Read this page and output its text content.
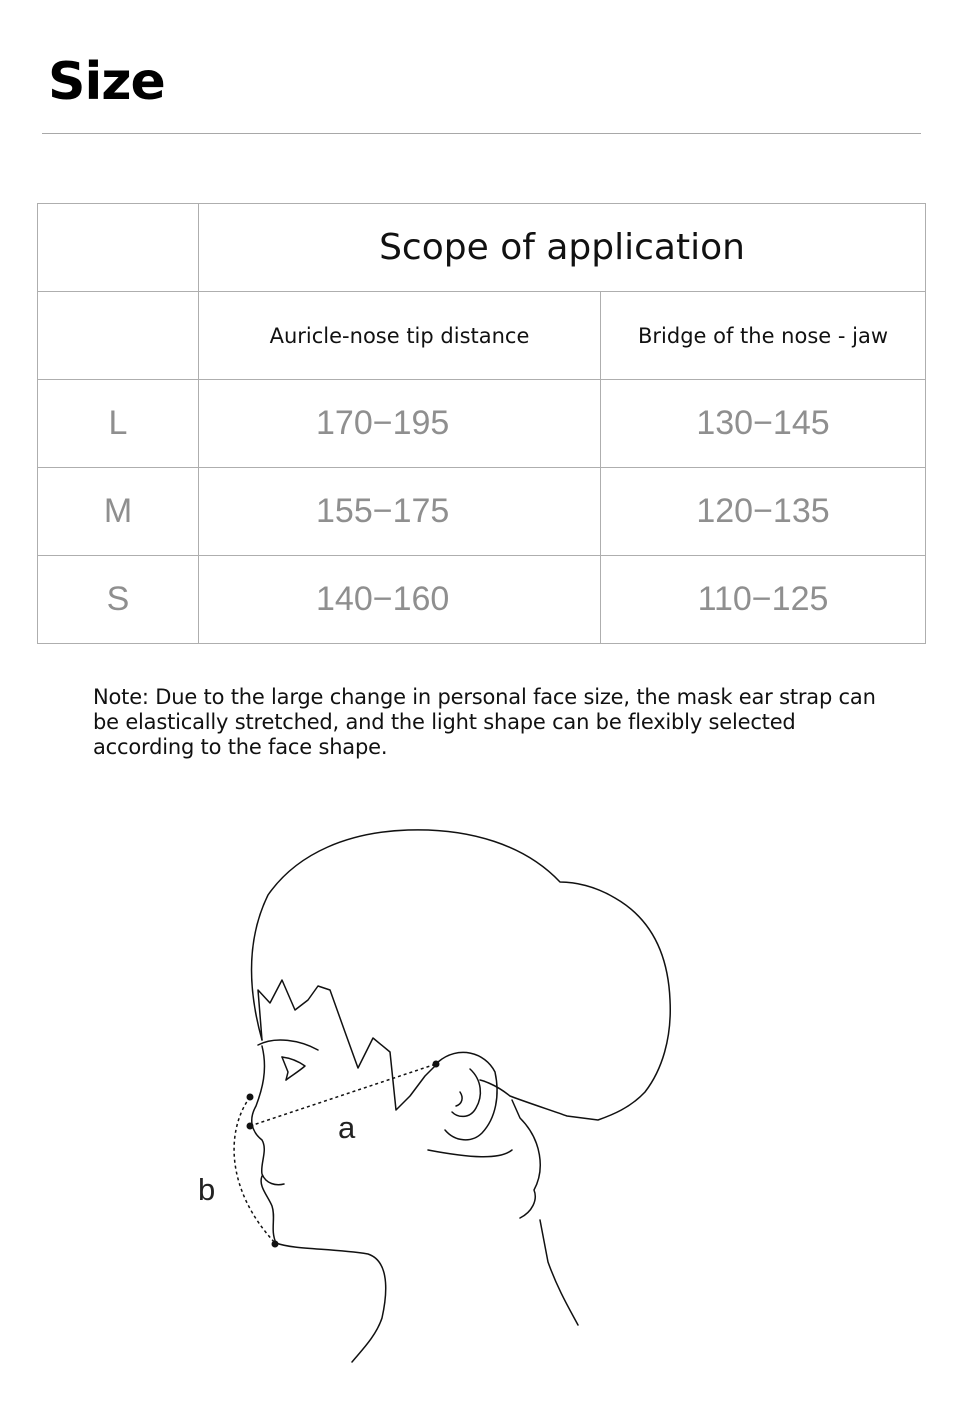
Size
	Scope of application	
	Auricle-nose tip distance	Bridge of the nose - jaw
L	170−195	130−145
M	155−175	120−135
S	140−160	110−125
Note: Due to the large change in personal face size, the mask ear strap can be elastically stretched, and the light shape can be flexibly selected according to the face shape.
a
b
